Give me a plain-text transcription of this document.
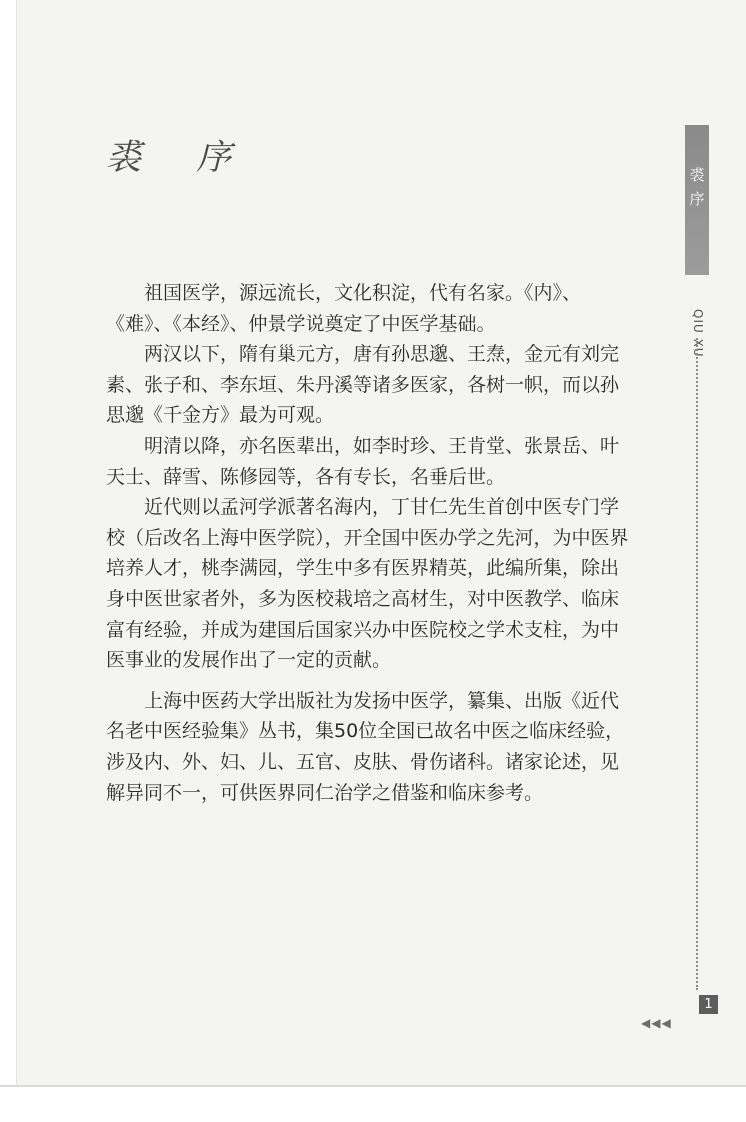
裘 序

祖国医学，源远流长，文化积淀，代有名家。《内》、《难》、《本经》、仲景学说奠定了中医学基础。

两汉以下，隋有巢元方，唐有孙思邈、王焘，金元有刘完素、张子和、李东垣、朱丹溪等诸多医家，各树一帜，而以孙思邈《千金方》最为可观。

明清以降，亦名医辈出，如李时珍、王肯堂、张景岳、叶天士、薛雪、陈修园等，各有专长，名垂后世。

近代则以孟河学派著名海内，丁甘仁先生首创中医专门学校（后改名上海中医学院），开全国中医办学之先河，为中医界培养人才，桃李满园，学生中多有医界精英，此编所集，除出身中医世家者外，多为医校栽培之高材生，对中医教学、临床富有经验，并成为建国后国家兴办中医院校之学术支柱，为中医事业的发展作出了一定的贡献。

上海中医药大学出版社为发扬中医学，纂集、出版《近代名老中医经验集》丛书，集50位全国已故名中医之临床经验，涉及内、外、妇、儿、五官、皮肤、骨伤诸科。诸家论述，见解异同不一，可供医界同仁治学之借鉴和临床参考。

裘
序
QIU XU
1
◀◀◀
